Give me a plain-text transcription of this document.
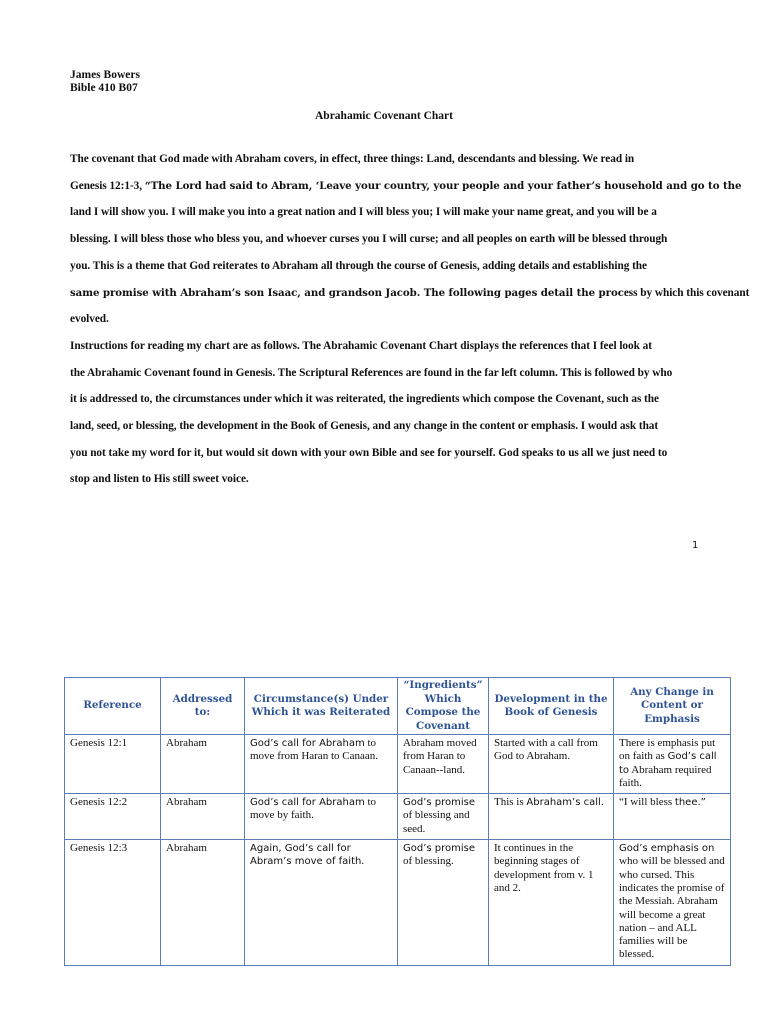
James Bowers
Bible 410 B07
Abrahamic Covenant Chart
The covenant that God made with Abraham covers, in effect, three things: Land, descendants and blessing. We read in
Genesis 12:1-3, “The Lord had said to Abram, ‘Leave your country, your people and your father’s household and go to the
land I will show you. I will make you into a great nation and I will bless you; I will make your name great, and you will be a
blessing. I will bless those who bless you, and whoever curses you I will curse; and all peoples on earth will be blessed through
you. This is a theme that God reiterates to Abraham all through the course of Genesis, adding details and establishing the
same promise with Abraham’s son Isaac, and grandson Jacob. The following pages detail the process by which this covenant
evolved.
Instructions for reading my chart are as follows. The Abrahamic Covenant Chart displays the references that I feel look at
the Abrahamic Covenant found in Genesis. The Scriptural References are found in the far left column. This is followed by who
it is addressed to, the circumstances under which it was reiterated, the ingredients which compose the Covenant, such as the
land, seed, or blessing, the development in the Book of Genesis, and any change in the content or emphasis. I would ask that
you not take my word for it, but would sit down with your own Bible and see for yourself. God speaks to us all we just need to
stop and listen to His still sweet voice.
1
Reference	Addressed to:	Circumstance(s) Under Which it was Reiterated	“Ingredients” Which Compose the Covenant	Development in the Book of Genesis	Any Change in Content or Emphasis
Genesis 12:1	Abraham	God’s call for Abraham to move from Haran to Canaan.	Abraham moved from Haran to Canaan--land.	Started with a call from God to Abraham.	There is emphasis put on faith as God’s call to Abraham required faith.
Genesis 12:2	Abraham	God’s call for Abraham to move by faith.	God’s promise of blessing and seed.	This is Abraham’s call.	“I will bless thee.”
Genesis 12:3	Abraham	Again, God’s call for Abram’s move of faith.	God’s promise of blessing.	It continues in the beginning stages of development from v. 1 and 2.	God’s emphasis on who will be blessed and who cursed. This indicates the promise of the Messiah. Abraham will become a great nation – and ALL families will be blessed.
